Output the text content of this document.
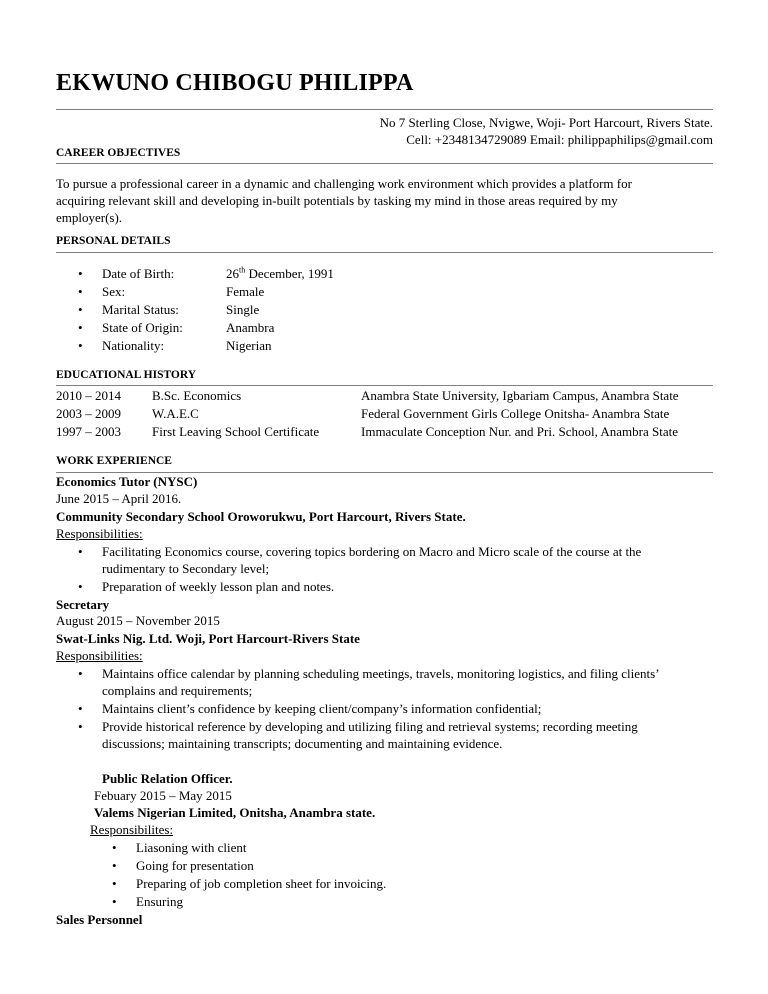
EKWUNO CHIBOGU PHILIPPA
No 7 Sterling Close, Nvigwe, Woji- Port Harcourt, Rivers State.
Cell: +2348134729089 Email: philippaphilips@gmail.com
CAREER OBJECTIVES
To pursue a professional career in a dynamic and challenging work environment which provides a platform for
acquiring relevant skill and developing in-built potentials by tasking my mind in those areas required by my
employer(s).
PERSONAL DETAILS
• Date of Birth:	26th December, 1991
• Sex:	Female
• Marital Status:	Single
• State of Origin:	Anambra
• Nationality:	Nigerian
EDUCATIONAL HISTORY
2010 – 2014 B.Sc. Economics	Anambra State University, Igbariam Campus, Anambra State
2003 – 2009 W.A.E.C	Federal Government Girls College Onitsha- Anambra State
1997 – 2003 First Leaving School Certificate	Immaculate Conception Nur. and Pri. School, Anambra State
WORK EXPERIENCE
Economics Tutor (NYSC)
June 2015 – April 2016.
Community Secondary School Oroworukwu, Port Harcourt, Rivers State.
Responsibilities:
• Facilitating Economics course, covering topics bordering on Macro and Micro scale of the course at the
rudimentary to Secondary level;
• Preparation of weekly lesson plan and notes.
Secretary
August 2015 – November 2015
Swat-Links Nig. Ltd. Woji, Port Harcourt-Rivers State
Responsibilities:
• Maintains office calendar by planning scheduling meetings, travels, monitoring logistics, and filing clients’
complains and requirements;
• Maintains client’s confidence by keeping client/company’s information confidential;
• Provide historical reference by developing and utilizing filing and retrieval systems; recording meeting
discussions; maintaining transcripts; documenting and maintaining evidence.
Public Relation Officer.
Febuary 2015 – May 2015
Valems Nigerian Limited, Onitsha, Anambra state.
Responsibilites:
• Liasoning with client
• Going for presentation
• Preparing of job completion sheet for invoicing.
• Ensuring
Sales Personnel
